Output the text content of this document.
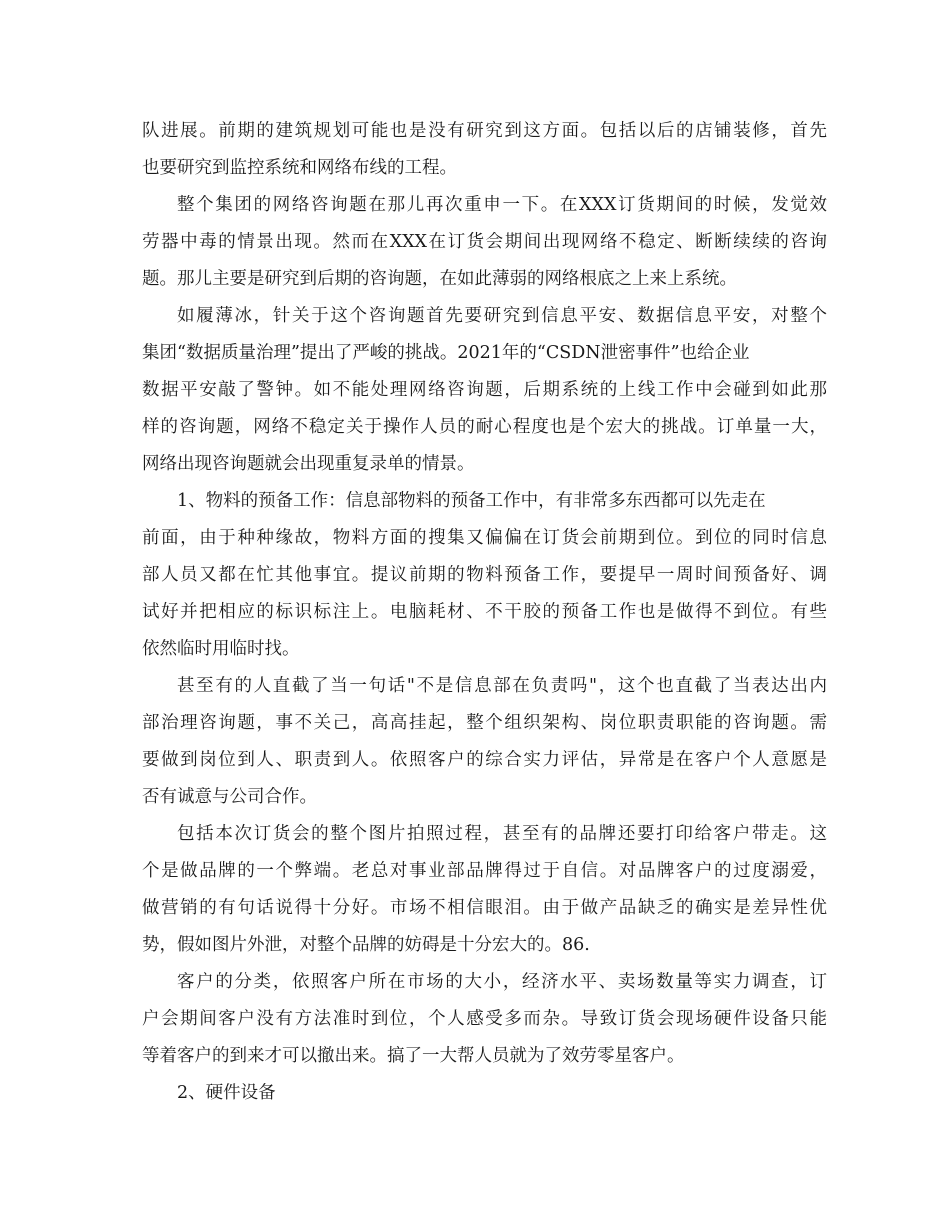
队进展。前期的建筑规划可能也是没有研究到这方面。包括以后的店铺装修，首先
也要研究到监控系统和网络布线的工程。
整个集团的网络咨询题在那儿再次重申一下。在XXX订货期间的时候，发觉效
劳器中毒的情景出现。然而在XXX在订货会期间出现网络不稳定、断断续续的咨询
题。那儿主要是研究到后期的咨询题，在如此薄弱的网络根底之上来上系统。
如履薄冰，针关于这个咨询题首先要研究到信息平安、数据信息平安，对整个
集团“数据质量治理”提出了严峻的挑战。2021年的“CSDN泄密事件”也给企业
数据平安敲了警钟。如不能处理网络咨询题，后期系统的上线工作中会碰到如此那
样的咨询题，网络不稳定关于操作人员的耐心程度也是个宏大的挑战。订单量一大，
网络出现咨询题就会出现重复录单的情景。
1、物料的预备工作：信息部物料的预备工作中，有非常多东西都可以先走在
前面，由于种种缘故，物料方面的搜集又偏偏在订货会前期到位。到位的同时信息
部人员又都在忙其他事宜。提议前期的物料预备工作，要提早一周时间预备好、调
试好并把相应的标识标注上。电脑耗材、不干胶的预备工作也是做得不到位。有些
依然临时用临时找。
甚至有的人直截了当一句话"不是信息部在负责吗"，这个也直截了当表达出内
部治理咨询题，事不关己，高高挂起，整个组织架构、岗位职责职能的咨询题。需
要做到岗位到人、职责到人。依照客户的综合实力评估，异常是在客户个人意愿是
否有诚意与公司合作。
包括本次订货会的整个图片拍照过程，甚至有的品牌还要打印给客户带走。这
个是做品牌的一个弊端。老总对事业部品牌得过于自信。对品牌客户的过度溺爱，
做营销的有句话说得十分好。市场不相信眼泪。由于做产品缺乏的确实是差异性优
势，假如图片外泄，对整个品牌的妨碍是十分宏大的。86.
客户的分类，依照客户所在市场的大小，经济水平、卖场数量等实力调查，订
户会期间客户没有方法准时到位，个人感受多而杂。导致订货会现场硬件设备只能
等着客户的到来才可以撤出来。搞了一大帮人员就为了效劳零星客户。
2、硬件设备
